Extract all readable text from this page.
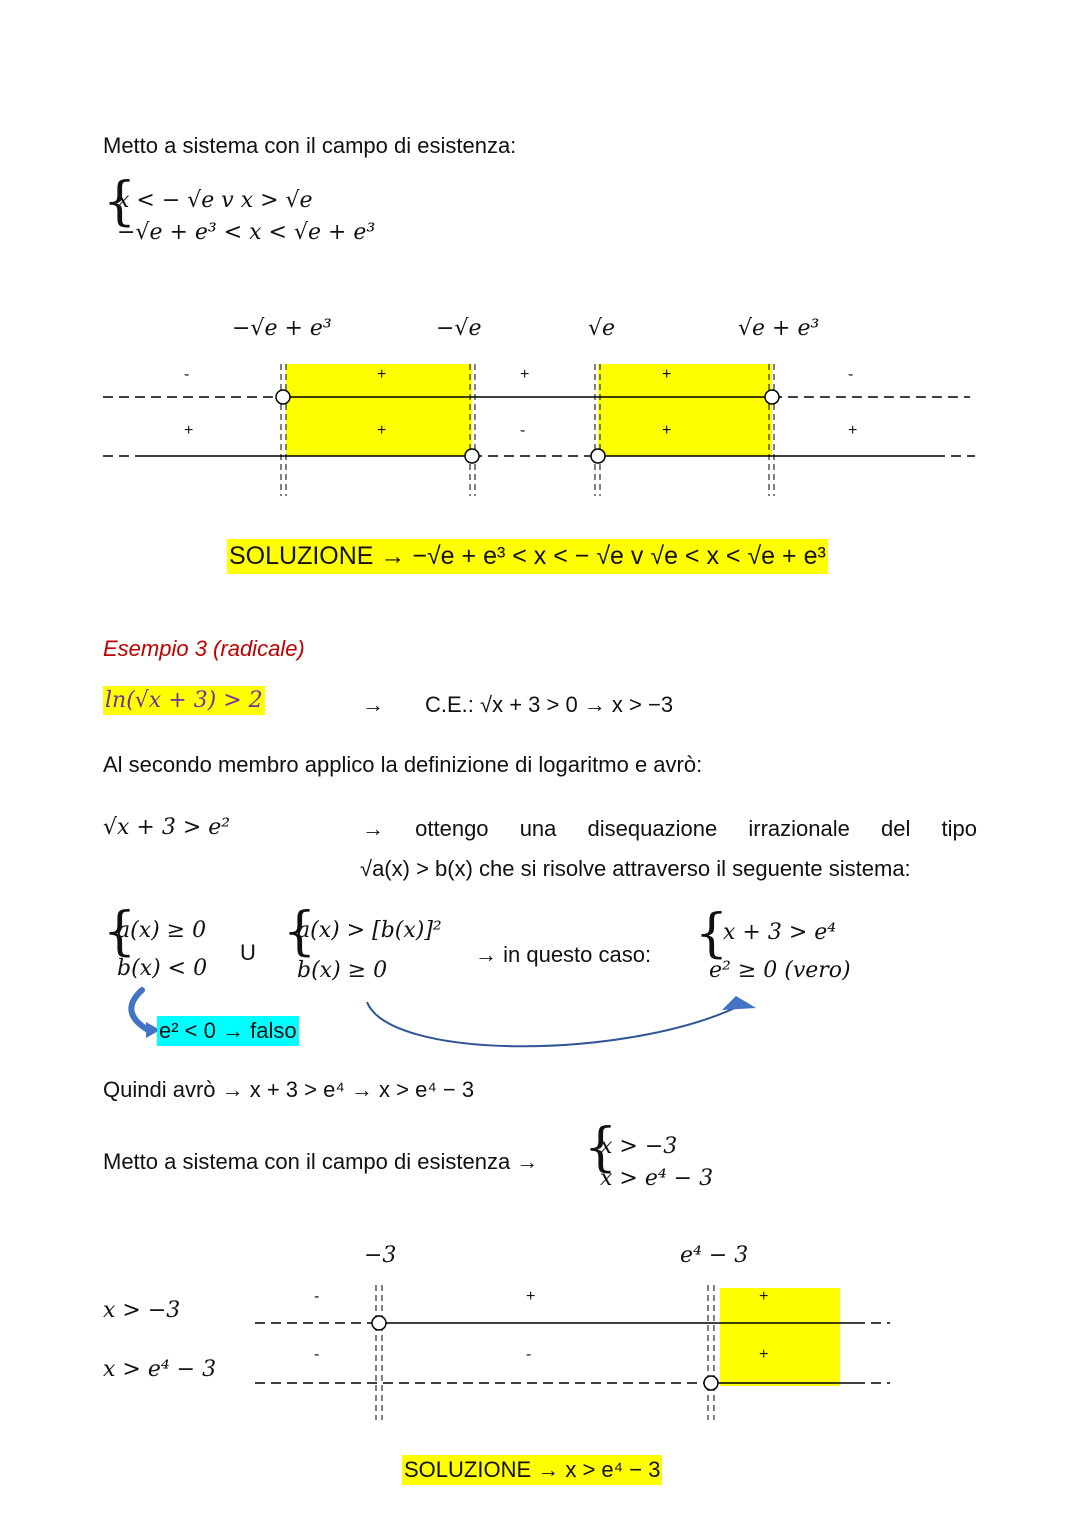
Metto a sistema con il campo di esistenza:
{
x < − √e v x > √e
−√e + e³ < x < √e + e³
−√e + e³	−√e	√e	√e + e³
-	+	+	+	-
+	+	-	+	+
SOLUZIONE → −√e + e³ < x < − √e v √e < x < √e + e³
Esempio 3 (radicale)
ln(√x + 3) > 2	→ C.E.: √x + 3 > 0 → x > −3
Al secondo membro applico la definizione di logaritmo e avrò:
√x + 3 > e²	→ ottengo una disequazione irrazionale del tipo
√a(x) > b(x) che si risolve attraverso il seguente sistema:
{
a(x) ≥ 0
b(x) < 0
U {
a(x) > [b(x)]²
b(x) ≥ 0
→ in questo caso: {
x + 3 > e⁴
e² ≥ 0 (vero)
e² < 0 → falso
Quindi avrò → x + 3 > e⁴ → x > e⁴ − 3
Metto a sistema con il campo di esistenza → {
x > −3
x > e⁴ − 3
−3	e⁴ − 3
x > −3
x > e⁴ − 3
-	+	+
-	-	+
SOLUZIONE → x > e⁴ − 3
